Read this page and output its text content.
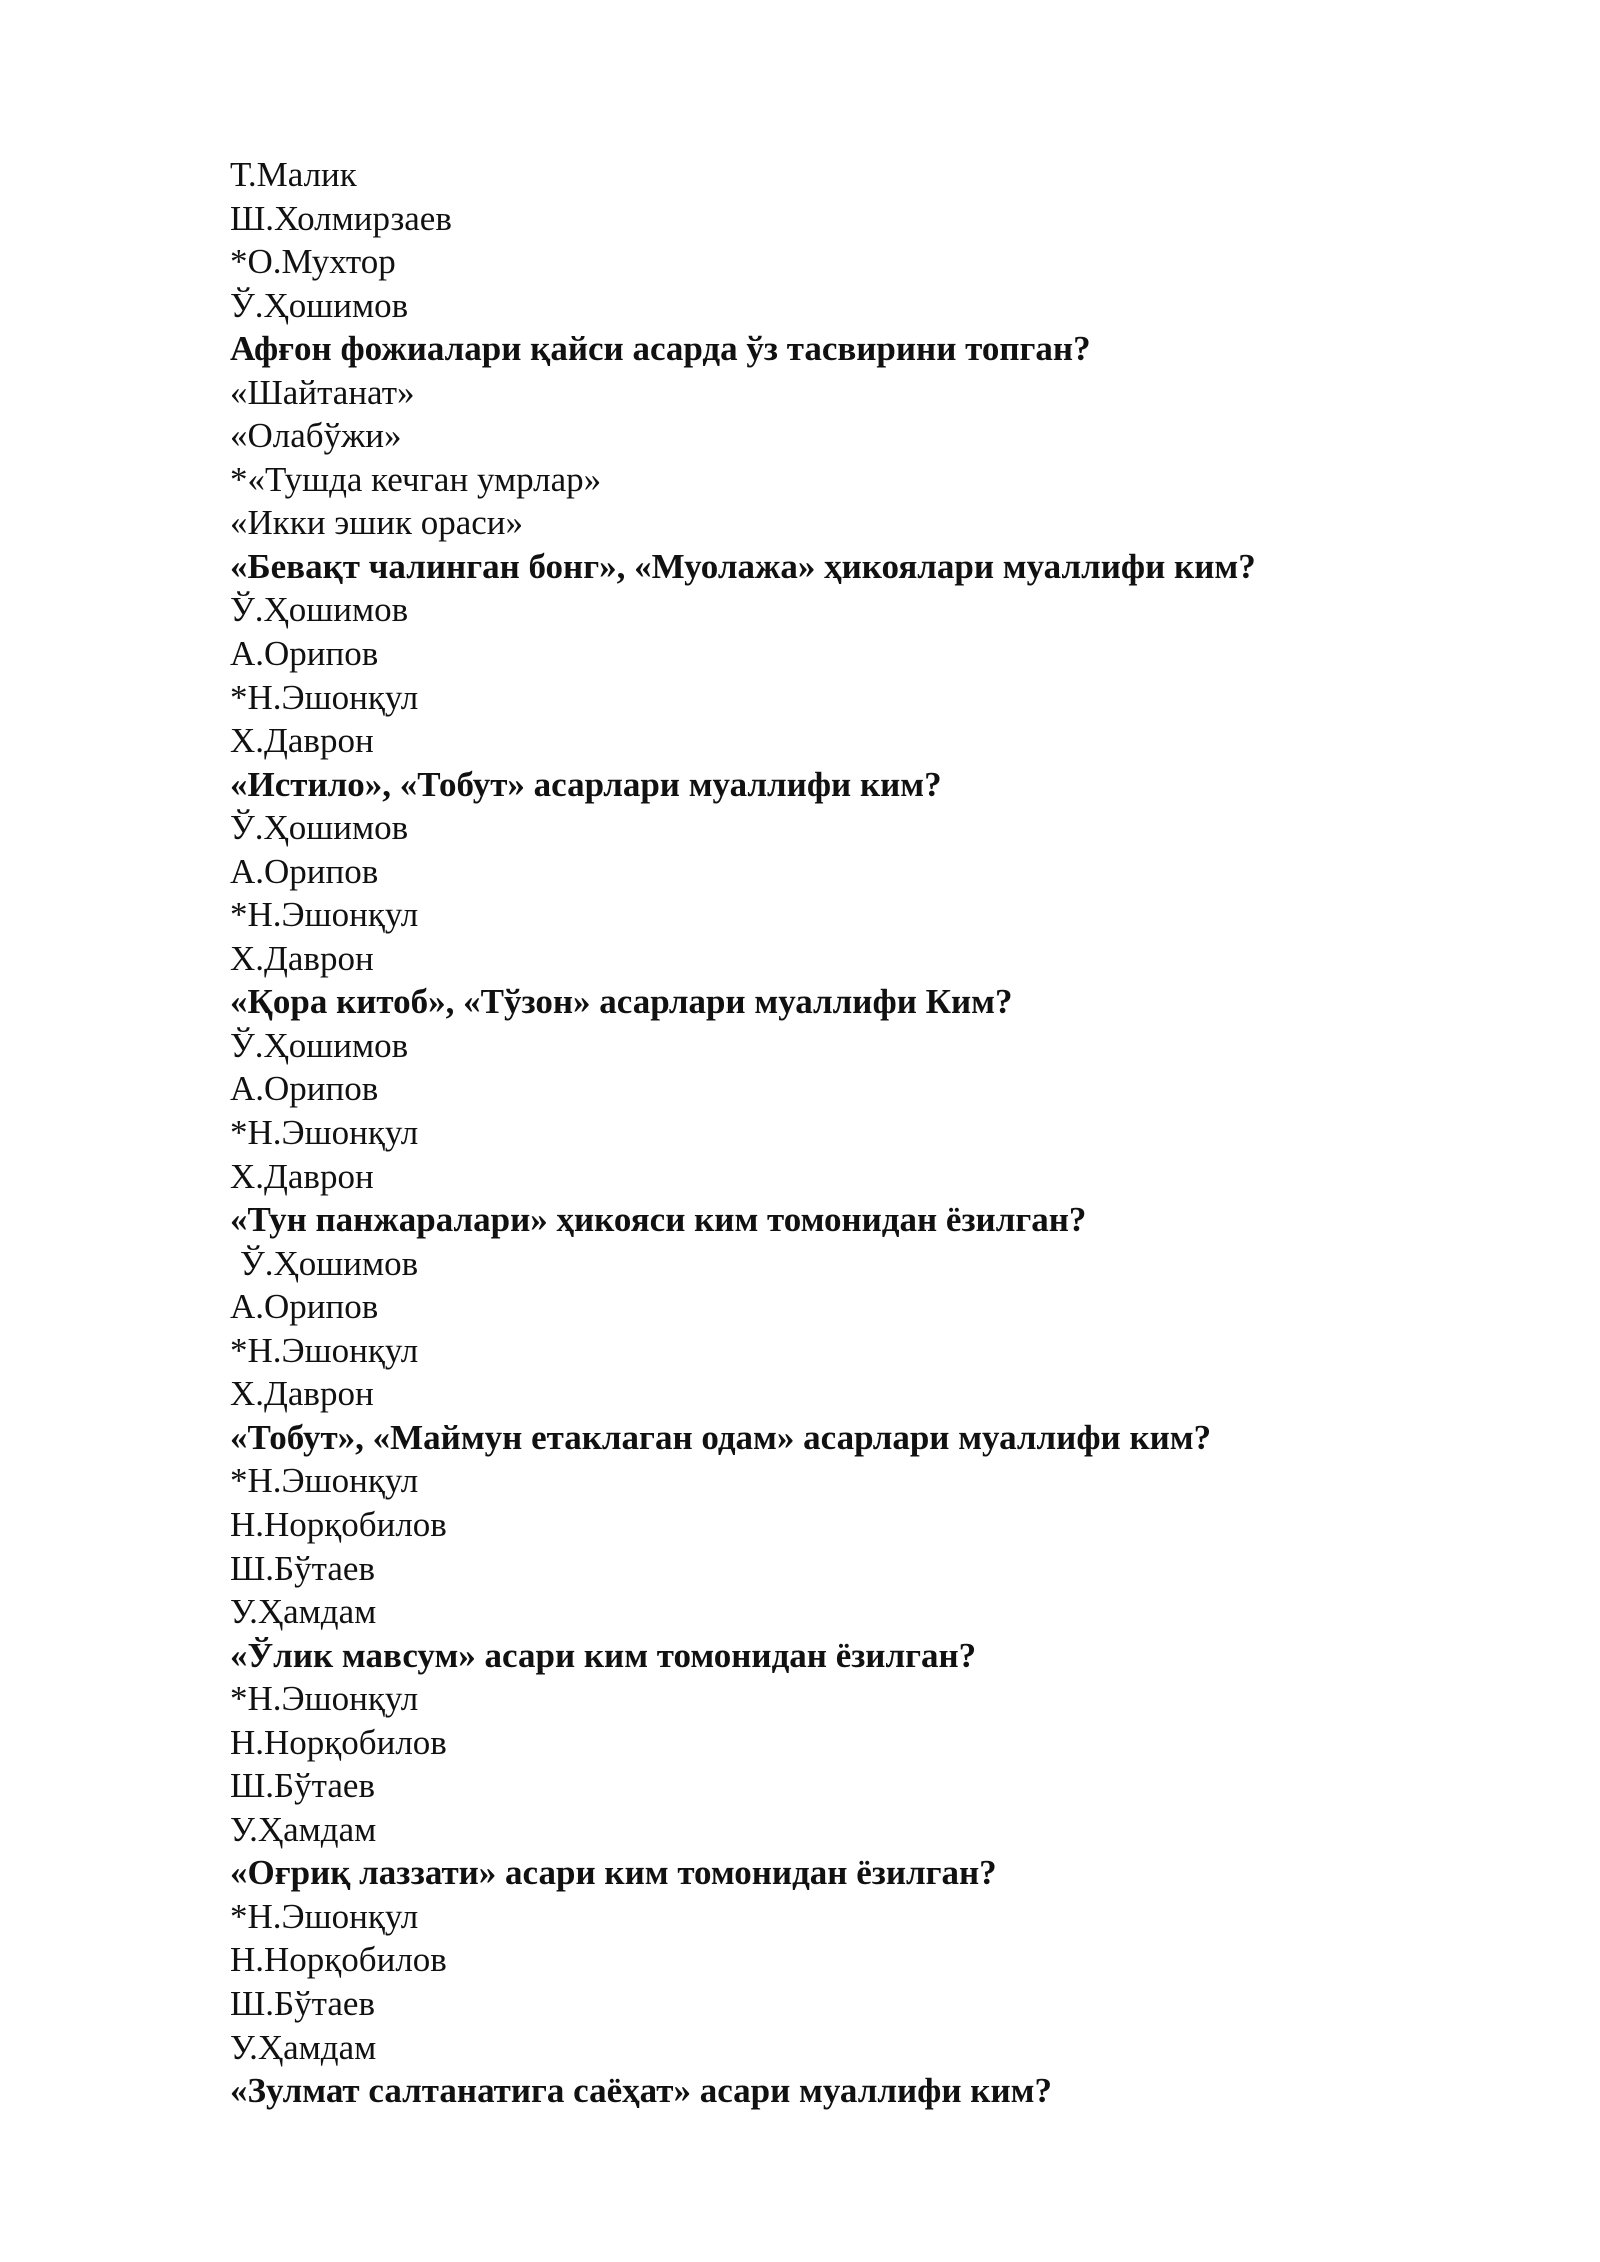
Т.Малик
Ш.Холмирзаев
*О.Мухтор
Ў.Ҳошимов
Афғон фожиалари қайси асарда ўз тасвирини топган?
«Шайтанат»
«Олабўжи»
*«Тушда кечган умрлар»
«Икки эшик ораси»
«Бевақт чалинган бонг», «Муолажа» ҳикоялари муаллифи ким?
Ў.Ҳошимов
А.Орипов
*Н.Эшонқул
Х.Даврон
«Истило», «Тобут» асарлари муаллифи ким?
Ў.Ҳошимов
А.Орипов
*Н.Эшонқул
Х.Даврон
«Қора китоб», «Тўзон» асарлари муаллифи Ким?
Ў.Ҳошимов
А.Орипов
*Н.Эшонқул
Х.Даврон
«Тун панжаралари» ҳикояси ким томонидан ёзилган?
Ў.Ҳошимов
А.Орипов
*Н.Эшонқул
Х.Даврон
«Тобут», «Маймун етаклаган одам» асарлари муаллифи ким?
*Н.Эшонқул
Н.Норқобилов
Ш.Бўтаев
У.Ҳамдам
«Ўлик мавсум» асари ким томонидан ёзилган?
*Н.Эшонқул
Н.Норқобилов
Ш.Бўтаев
У.Ҳамдам
«Оғриқ лаззати» асари ким томонидан ёзилган?
*Н.Эшонқул
Н.Норқобилов
Ш.Бўтаев
У.Ҳамдам
«Зулмат салтанатига саёҳат» асари муаллифи ким?
